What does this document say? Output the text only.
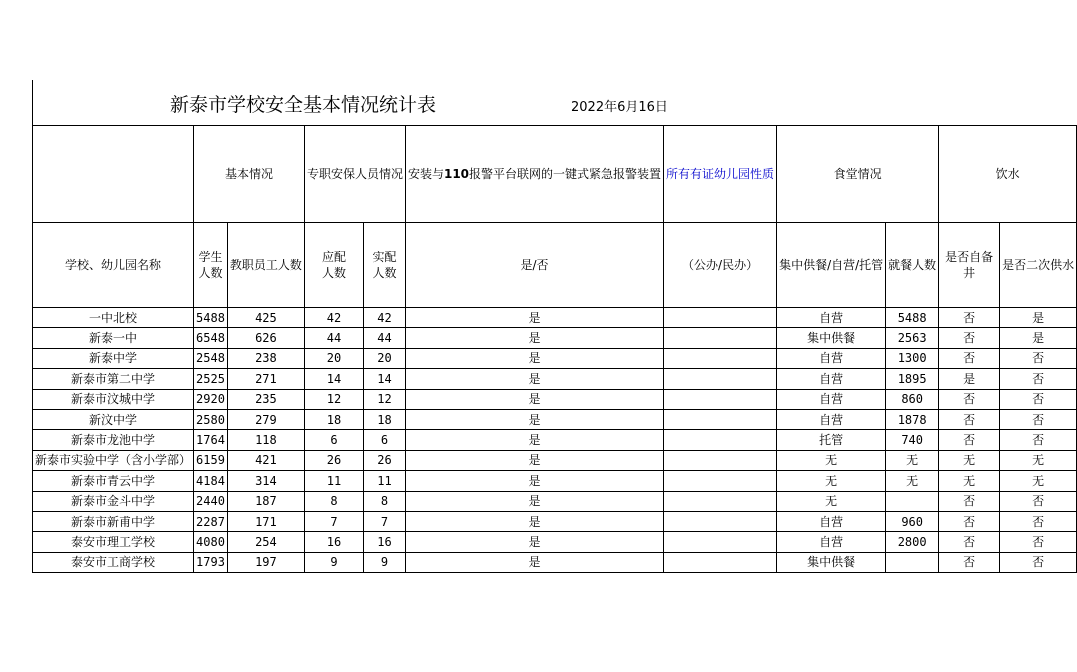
新泰市学校安全基本情况统计表	2022年6月16日
	基本情况		专职安保人员情况		安装与110报警平台联网的一键式紧急报警装置	所有有证幼儿园性质	食堂情况		饮水	
学校、幼儿园名称	学生人数	教职员工人数	应配人数	实配人数	是/否	（公办/民办）	集中供餐/自营/托管	就餐人数	是否自备井	是否二次供水
一中北校	5488	425	42	42	是		自营	5488	否	是
新泰一中	6548	626	44	44	是		集中供餐	2563	否	是
新泰中学	2548	238	20	20	是		自营	1300	否	否
新泰市第二中学	2525	271	14	14	是		自营	1895	是	否
新泰市汶城中学	2920	235	12	12	是		自营	860	否	否
新汶中学	2580	279	18	18	是		自营	1878	否	否
新泰市龙池中学	1764	118	6	6	是		托管	740	否	否
新泰市实验中学（含小学部）	6159	421	26	26	是		无	无	无	无
新泰市青云中学	4184	314	11	11	是		无	无	无	无
新泰市金斗中学	2440	187	8	8	是		无		否	否
新泰市新甫中学	2287	171	7	7	是		自营	960	否	否
泰安市理工学校	4080	254	16	16	是		自营	2800	否	否
泰安市工商学校	1793	197	9	9	是		集中供餐		否	否
